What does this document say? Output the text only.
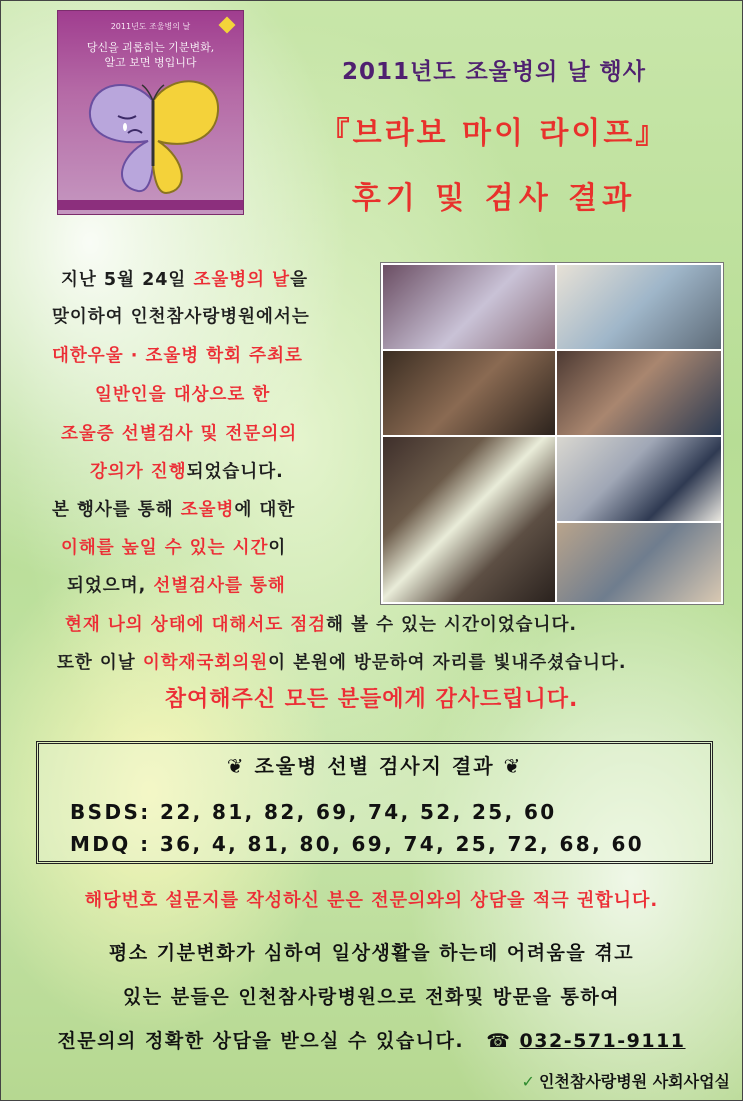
2011년도 조울병의 날
당신을 괴롭히는 기분변화,
알고 보면 병입니다	2011년도 조울병의 날 행사
『브라보 마이 라이프』
후기 및 검사 결과
지난 5월 24일 조울병의 날을
맞이하여 인천참사랑병원에서는
대한우울 · 조울병 학회 주최로
일반인을 대상으로 한
조울증 선별검사 및 전문의의
강의가 진행되었습니다.
본 행사를 통해 조울병에 대한
이해를 높일 수 있는 시간이
되었으며, 선별검사를 통해
현재 나의 상태에 대해서도 점검해 볼 수 있는 시간이었습니다.
또한 이날 이학재국회의원이 본원에 방문하여 자리를 빛내주셨습니다.
참여해주신 모든 분들에게 감사드립니다.
❦ 조울병 선별 검사지 결과 ❦
BSDS: 22, 81, 82, 69, 74, 52, 25, 60
MDQ : 36, 4, 81, 80, 69, 74, 25, 72, 68, 60
해당번호 설문지를 작성하신 분은 전문의와의 상담을 적극 권합니다.
평소 기분변화가 심하여 일상생활을 하는데 어려움을 겪고
있는 분들은 인천참사랑병원으로 전화및 방문을 통하여
전문의의 정확한 상담을 받으실 수 있습니다. ☎ 032-571-9111
✓ 인천참사랑병원 사회사업실
